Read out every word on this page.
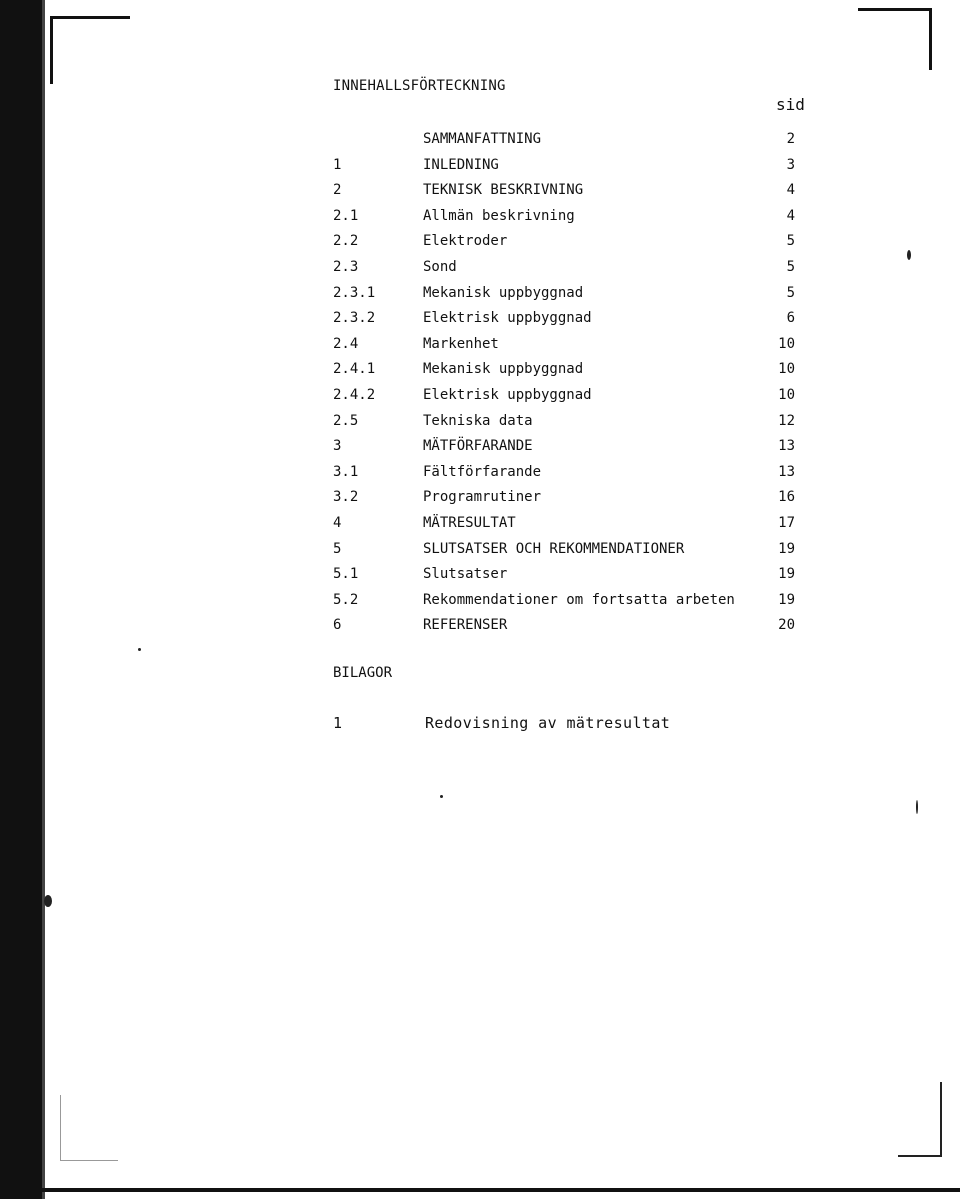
INNEHALLSFÖRTECKNING
sid
SAMMANFATTNING	2
1	INLEDNING	3
2	TEKNISK BESKRIVNING	4
2.1	Allmän beskrivning	4
2.2	Elektroder	5
2.3	Sond	5
2.3.1	Mekanisk uppbyggnad	5
2.3.2	Elektrisk uppbyggnad	6
2.4	Markenhet	10
2.4.1	Mekanisk uppbyggnad	10
2.4.2	Elektrisk uppbyggnad	10
2.5	Tekniska data	12
3	MÄTFÖRFARANDE	13
3.1	Fältförfarande	13
3.2	Programrutiner	16
4	MÄTRESULTAT	17
5	SLUTSATSER OCH REKOMMENDATIONER	19
5.1	Slutsatser	19
5.2	Rekommendationer om fortsatta arbeten	19
6	REFERENSER	20
BILAGOR
1	Redovisning av mätresultat
